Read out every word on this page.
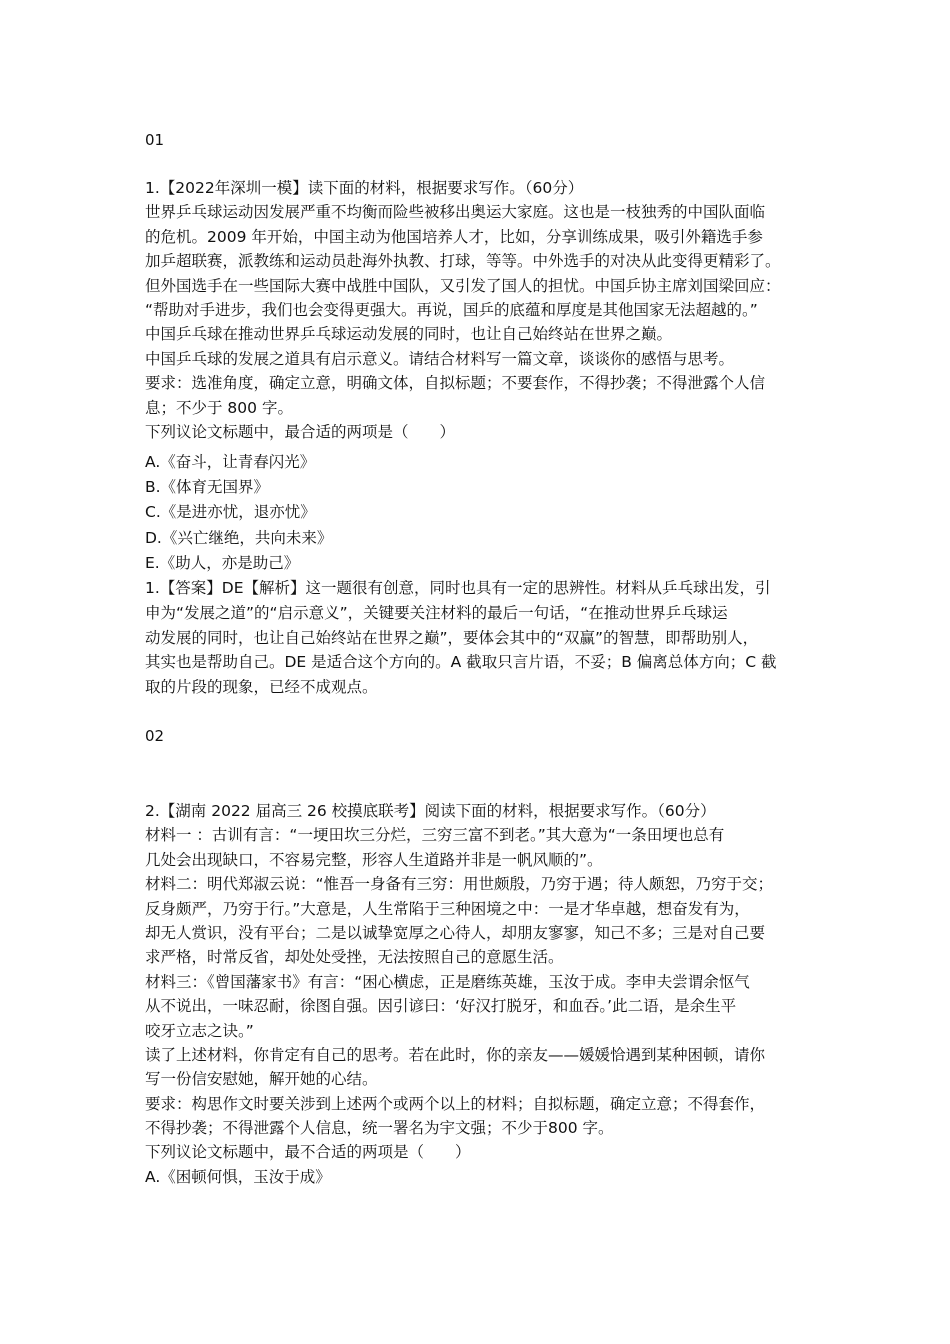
01
1.【2022年深圳一模】读下面的材料，根据要求写作。（60分）
世界乒乓球运动因发展严重不均衡而险些被移出奥运大家庭。这也是一枝独秀的中国队面临
的危机。2009 年开始，中国主动为他国培养人才，比如，分享训练成果，吸引外籍选手参
加乒超联赛，派教练和运动员赴海外执教、打球，等等。中外选手的对决从此变得更精彩了。
但外国选手在一些国际大赛中战胜中国队，又引发了国人的担忧。中国乒协主席刘国梁回应：
“帮助对手进步，我们也会变得更强大。再说，国乒的底蕴和厚度是其他国家无法超越的。”
中国乒乓球在推动世界乒乓球运动发展的同时，也让自己始终站在世界之巅。
中国乒乓球的发展之道具有启示意义。请结合材料写一篇文章，谈谈你的感悟与思考。
要求：选准角度，确定立意，明确文体，自拟标题；不要套作，不得抄袭；不得泄露个人信
息；不少于 800 字。
下列议论文标题中，最合适的两项是（　　）
A.《奋斗，让青春闪光》
B.《体育无国界》
C.《是进亦忧，退亦忧》
D.《兴亡继绝，共向未来》
E.《助人，亦是助己》
1.【答案】DE【解析】这一题很有创意，同时也具有一定的思辨性。材料从乒乓球出发，引
申为“发展之道”的“启示意义”，关键要关注材料的最后一句话，“在推动世界乒乓球运
动发展的同时，也让自己始终站在世界之巅”，要体会其中的“双赢”的智慧，即帮助别人，
其实也是帮助自己。DE 是适合这个方向的。A 截取只言片语，不妥；B 偏离总体方向；C 截
取的片段的现象，已经不成观点。
02
2.【湖南 2022 届高三 26 校摸底联考】阅读下面的材料，根据要求写作。（60分）
材料一 ：古训有言：“一埂田坎三分烂，三穷三富不到老。”其大意为“一条田埂也总有
几处会出现缺口，不容易完整，形容人生道路并非是一帆风顺的”。
材料二：明代郑淑云说：“惟吾一身备有三穷：用世颇殷，乃穷于遇；待人颇恕，乃穷于交；
反身颇严，乃穷于行。”大意是，人生常陷于三种困境之中：一是才华卓越，想奋发有为，
却无人赏识，没有平台；二是以诚挚宽厚之心待人，却朋友寥寥，知己不多；三是对自己要
求严格，时常反省，却处处受挫，无法按照自己的意愿生活。
材料三：《曾国藩家书》有言：“困心横虑，正是磨练英雄，玉汝于成。李申夫尝谓余怄气
从不说出，一味忍耐，徐图自强。因引谚曰：‘好汉打脱牙，和血吞。’此二语，是余生平
咬牙立志之诀。”
读了上述材料，你肯定有自己的思考。若在此时，你的亲友——媛媛恰遇到某种困顿，请你
写一份信安慰她，解开她的心结。
要求：构思作文时要关涉到上述两个或两个以上的材料；自拟标题，确定立意；不得套作，
不得抄袭；不得泄露个人信息，统一署名为宇文强；不少于800 字。
下列议论文标题中，最不合适的两项是（　　）
A.《困顿何惧，玉汝于成》
